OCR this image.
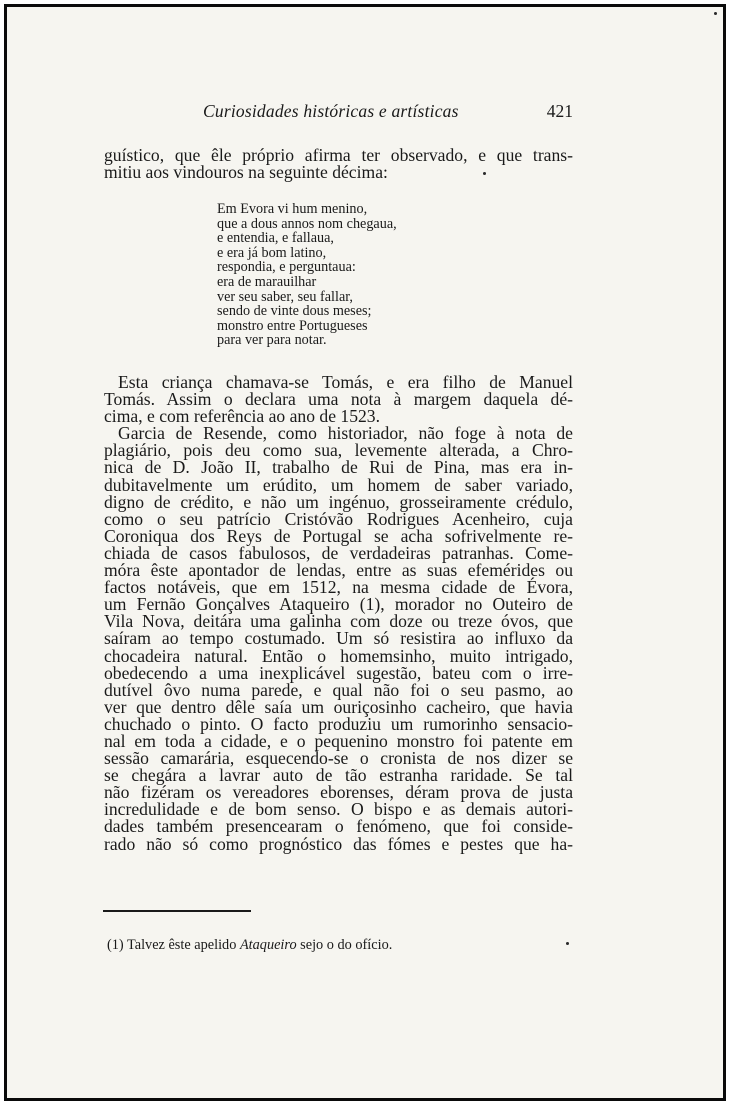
Curiosidades históricas e artísticas	421
guístico, que êle próprio afirma ter observado, e que trans-
mitiu aos vindouros na seguinte décima:
Em Evora vi hum menino,
que a dous annos nom chegaua,
e entendia, e fallaua,
e era já bom latino,
respondia, e perguntaua:
era de marauilhar
ver seu saber, seu fallar,
sendo de vinte dous meses;
monstro entre Portugueses
para ver para notar.
Esta criança chamava-se Tomás, e era filho de Manuel
Tomás. Assim o declara uma nota à margem daquela dé-
cima, e com referência ao ano de 1523.
Garcia de Resende, como historiador, não foge à nota de
plagiário, pois deu como sua, levemente alterada, a Chro-
nica de D. João II, trabalho de Rui de Pina, mas era in-
dubitavelmente um erúdito, um homem de saber variado,
digno de crédito, e não um ingénuo, grosseiramente crédulo,
como o seu patrício Cristóvão Rodrigues Acenheiro, cuja
Coroniqua dos Reys de Portugal se acha sofrivelmente re-
chiada de casos fabulosos, de verdadeiras patranhas. Come-
móra êste apontador de lendas, entre as suas efemérides ou
factos notáveis, que em 1512, na mesma cidade de Évora,
um Fernão Gonçalves Ataqueiro (1), morador no Outeiro de
Vila Nova, deitára uma galinha com doze ou treze óvos, que
saíram ao tempo costumado. Um só resistira ao influxo da
chocadeira natural. Então o homemsinho, muito intrigado,
obedecendo a uma inexplicável sugestão, bateu com o irre-
dutível ôvo numa parede, e qual não foi o seu pasmo, ao
ver que dentro dêle saía um ouriçosinho cacheiro, que havia
chuchado o pinto. O facto produziu um rumorinho sensacio-
nal em toda a cidade, e o pequenino monstro foi patente em
sessão camarária, esquecendo-se o cronista de nos dizer se
se chegára a lavrar auto de tão estranha raridade. Se tal
não fizéram os vereadores eborenses, déram prova de justa
incredulidade e de bom senso. O bispo e as demais autori-
dades também presencearam o fenómeno, que foi conside-
rado não só como prognóstico das fómes e pestes que ha-
(1) Talvez êste apelido Ataqueiro sejo o do ofício.
